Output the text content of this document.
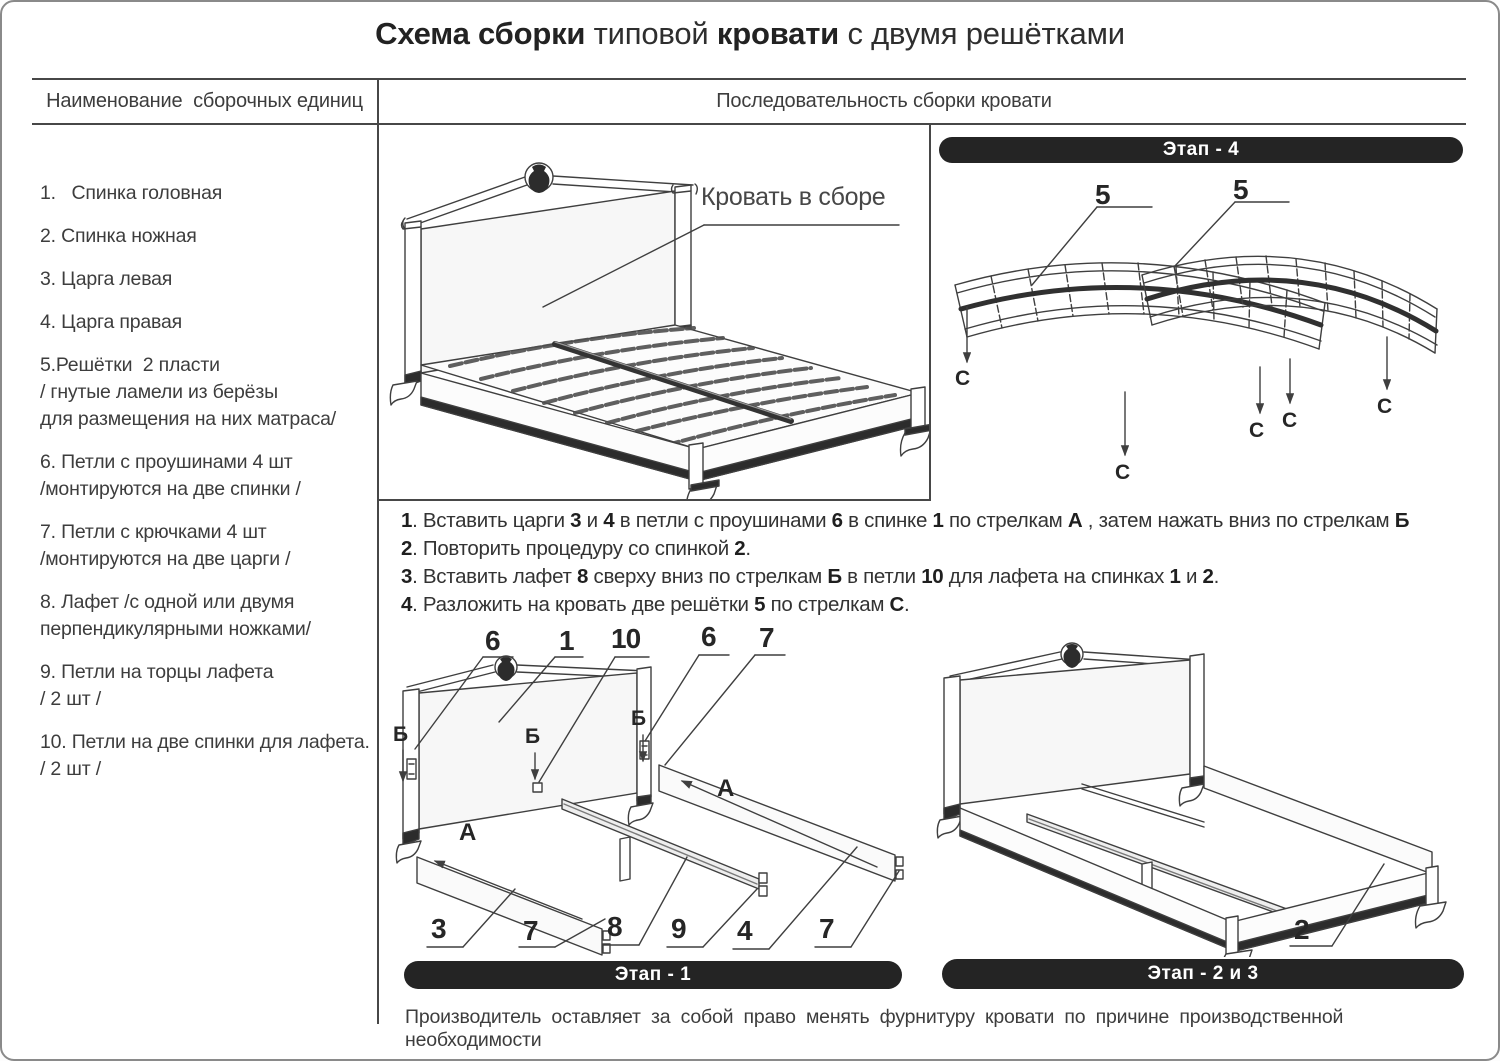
Схема сборки типовой кровати с двумя решётками
Наименование  сборочных единиц	Последовательность сборки кровати
1.   Спинка головная
2. Спинка ножная
3. Царга левая
4. Царга правая
5.Решётки  2 пласти
/ гнутые ламели из берёзы
для размещения на них матраса/
6. Петли с проушинами 4 шт
/монтируются на две спинки /
7. Петли с крючками 4 шт
/монтируются на две царги /
8. Лафет /с одной или двумя
перпендикулярными ножками/
9. Петли на торцы лафета
/ 2 шт /
10. Петли на две спинки для лафета.
/ 2 шт /
Кровать в сборе
Этап - 4
5	5
С
С
С С
С
1. Вставить царги 3 и 4 в петли с проушинами 6 в спинке 1 по стрелкам А , затем нажать вниз по стрелкам Б
2. Повторить процедуру со спинкой 2.
3. Вставить лафет 8 сверху вниз по стрелкам Б в петли 10 для лафета на спинках 1 и 2.
4. Разложить на кровать две решётки 5 по стрелкам С.
6 1 10 6 7
Б	Б
Б
А
А
3	7 8 9 4 7
Этап - 1
2
Этап - 2 и 3
Производитель оставляет за собой право менять фурнитуру кровати по причине производственной необходимости
